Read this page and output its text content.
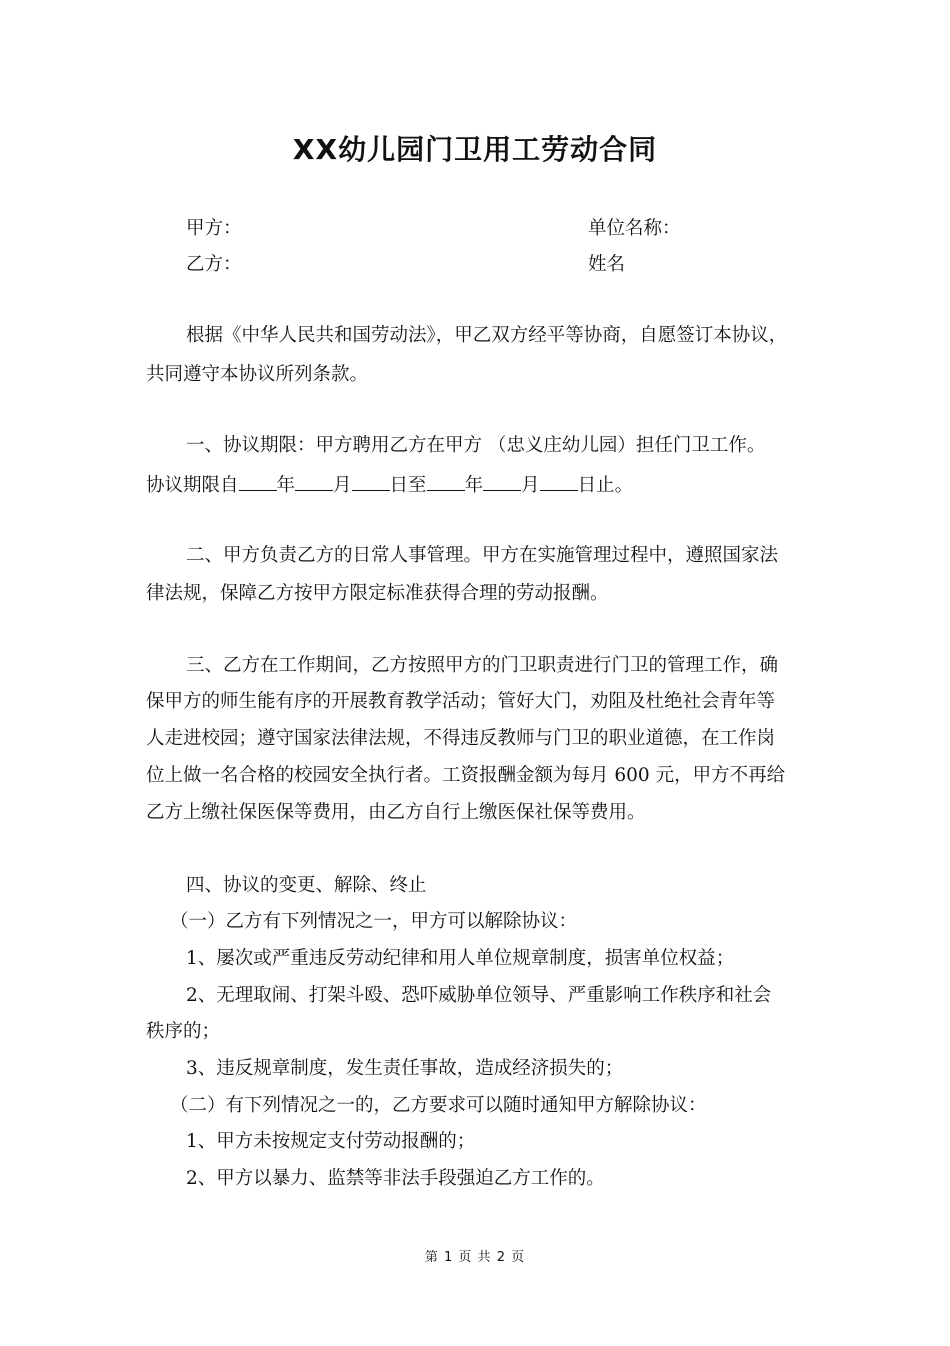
XX幼儿园门卫用工劳动合同
甲方：	单位名称：
乙方：	姓名
根据《中华人民共和国劳动法》，甲乙双方经平等协商，自愿签订本协议，
共同遵守本协议所列条款。
一、协议期限：甲方聘用乙方在甲方 （忠义庄幼儿园）担任门卫工作。
协议期限自 年 月 日至 年 月 日止。
二、甲方负责乙方的日常人事管理。甲方在实施管理过程中，遵照国家法
律法规，保障乙方按甲方限定标准获得合理的劳动报酬。
三、乙方在工作期间，乙方按照甲方的门卫职责进行门卫的管理工作，确
保甲方的师生能有序的开展教育教学活动；管好大门，劝阻及杜绝社会青年等
人走进校园；遵守国家法律法规，不得违反教师与门卫的职业道德，在工作岗
位上做一名合格的校园安全执行者。工资报酬金额为每月 600 元，甲方不再给
乙方上缴社保医保等费用，由乙方自行上缴医保社保等费用。
四、协议的变更、解除、终止
（一）乙方有下列情况之一，甲方可以解除协议：
1、屡次或严重违反劳动纪律和用人单位规章制度，损害单位权益；
2、无理取闹、打架斗殴、恐吓威胁单位领导、严重影响工作秩序和社会
秩序的；
3、违反规章制度，发生责任事故，造成经济损失的；
（二）有下列情况之一的，乙方要求可以随时通知甲方解除协议：
1、甲方未按规定支付劳动报酬的；
2、甲方以暴力、监禁等非法手段强迫乙方工作的。
第 1 页 共 2 页
